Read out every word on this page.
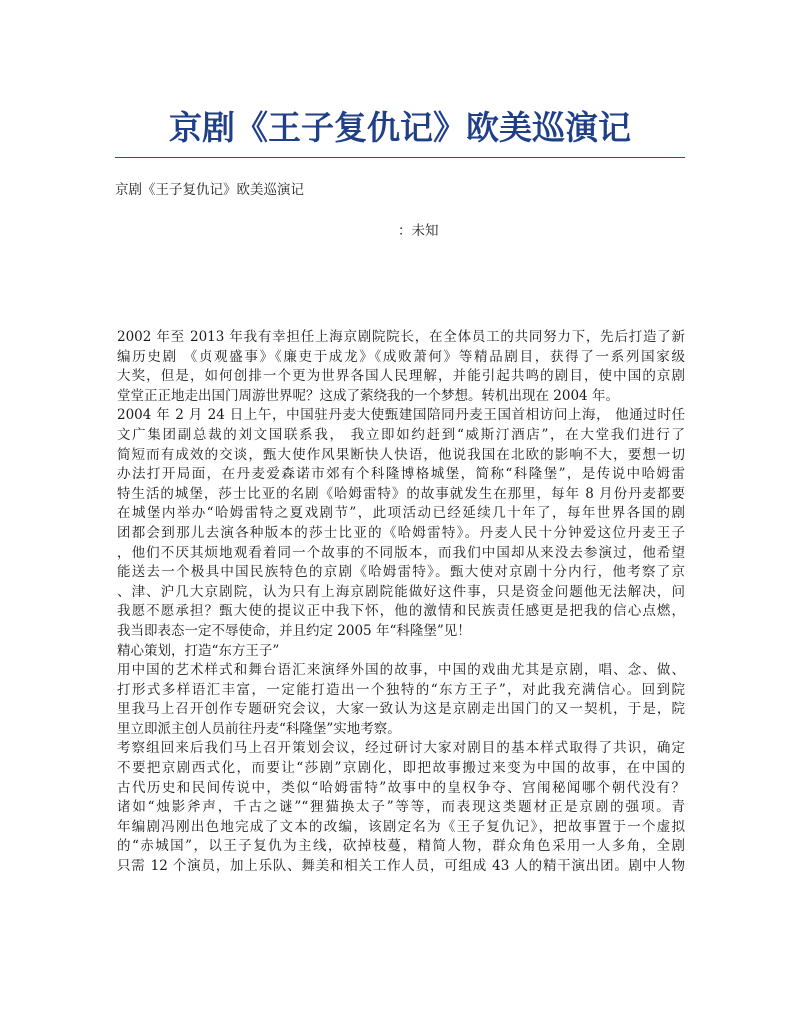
京剧《王子复仇记》欧美巡演记

京剧《王子复仇记》欧美巡演记

：未知

2002 年至 2013 年我有幸担任上海京剧院院长，在全体员工的共同努力下，先后打造了新
编历史剧 《贞观盛事》《廉吏于成龙》《成败萧何》等精品剧目，获得了一系列国家级
大奖，但是，如何创排一个更为世界各国人民理解，并能引起共鸣的剧目，使中国的京剧
堂堂正正地走出国门周游世界呢？这成了萦绕我的一个梦想。转机出现在 2004 年。

2004 年 2 月 24 日上午，中国驻丹麦大使甄建国陪同丹麦王国首相访问上海， 他通过时任
文广集团副总裁的刘文国联系我， 我立即如约赶到“威斯汀酒店”，在大堂我们进行了
简短而有成效的交谈，甄大使作风果断快人快语，他说我国在北欧的影响不大，要想一切
办法打开局面，在丹麦爱森诺市郊有个科隆博格城堡，简称“科隆堡”，是传说中哈姆雷
特生活的城堡，莎士比亚的名剧《哈姆雷特》的故事就发生在那里，每年 8 月份丹麦都要
在城堡内举办“哈姆雷特之夏戏剧节”，此项活动已经延续几十年了，每年世界各国的剧
团都会到那儿去演各种版本的莎士比亚的《哈姆雷特》。丹麦人民十分钟爱这位丹麦王子
，他们不厌其烦地观看着同一个故事的不同版本，而我们中国却从来没去参演过，他希望
能送去一个极具中国民族特色的京剧《哈姆雷特》。甄大使对京剧十分内行，他考察了京
、津、沪几大京剧院，认为只有上海京剧院能做好这件事，只是资金问题他无法解决，问
我愿不愿承担？甄大使的提议正中我下怀，他的激情和民族责任感更是把我的信心点燃，
我当即表态一定不辱使命，并且约定 2005 年“科隆堡”见！

精心策划，打造“东方王子”

用中国的艺术样式和舞台语汇来演绎外国的故事，中国的戏曲尤其是京剧，唱、念、做、
打形式多样语汇丰富，一定能打造出一个独特的“东方王子”，对此我充满信心。回到院
里我马上召开创作专题研究会议，大家一致认为这是京剧走出国门的又一契机，于是，院
里立即派主创人员前往丹麦“科隆堡”实地考察。

考察组回来后我们马上召开策划会议，经过研讨大家对剧目的基本样式取得了共识，确定
不要把京剧西式化，而要让“莎剧”京剧化，即把故事搬过来变为中国的故事，在中国的
古代历史和民间传说中，类似“哈姆雷特”故事中的皇权争夺、宫闱秘闻哪个朝代没有？
诸如“烛影斧声，千古之谜”“狸猫换太子”等等，而表现这类题材正是京剧的强项。青
年编剧冯刚出色地完成了文本的改编，该剧定名为《王子复仇记》，把故事置于一个虚拟
的“赤城国”，以王子复仇为主线，砍掉枝蔓，精简人物，群众角色采用一人多角，全剧
只需 12 个演员，加上乐队、舞美和相关工作人员，可组成 43 人的精干演出团。剧中人物
